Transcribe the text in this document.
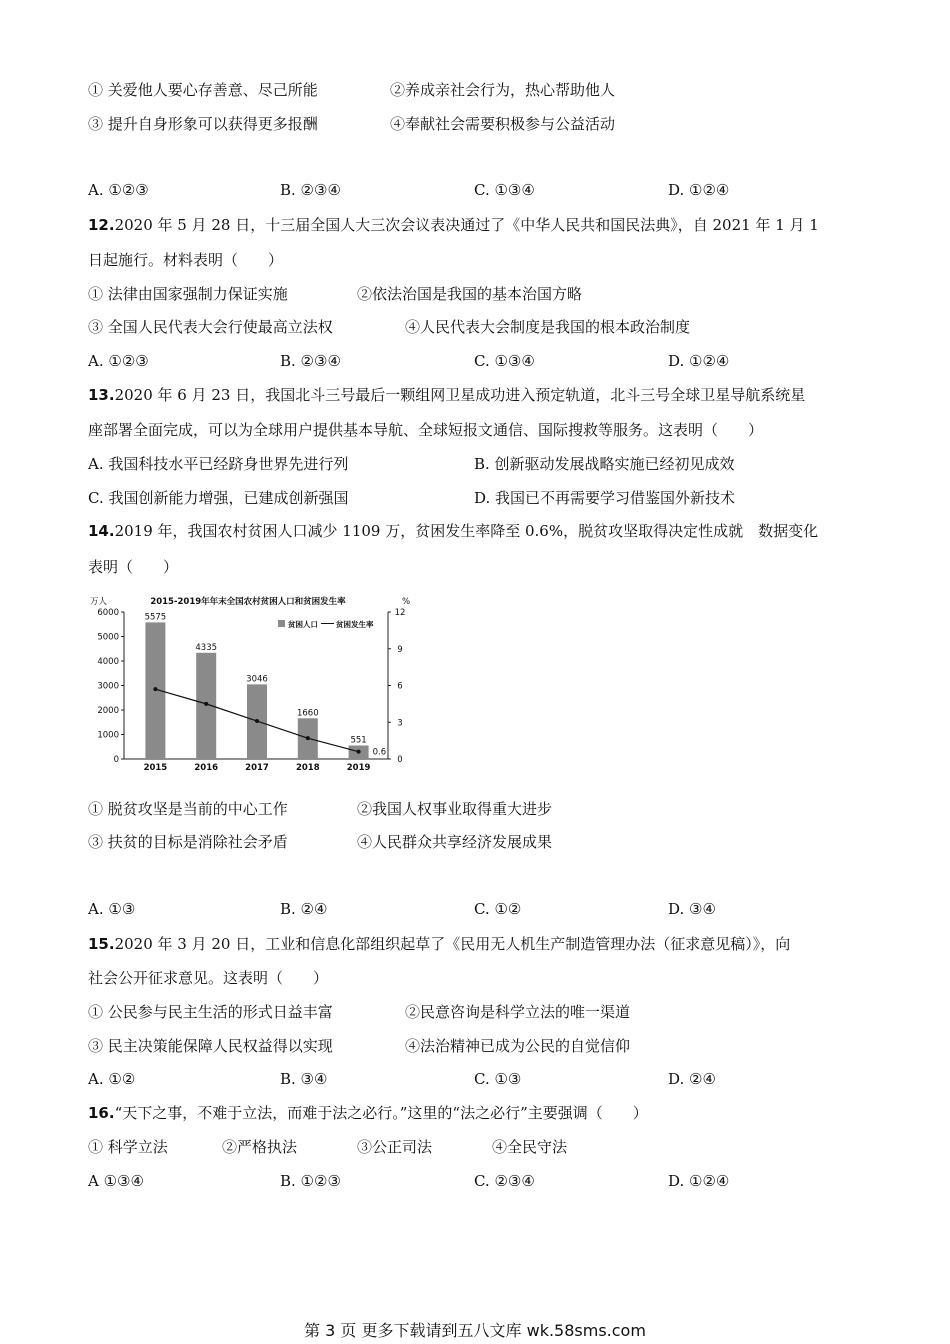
① 关爱他人要心存善意、尽己所能	②养成亲社会行为，热心帮助他人
③ 提升自身形象可以获得更多报酬	④奉献社会需要积极参与公益活动
A. ①②③	B. ②③④	C. ①③④	D. ①②④
12.2020 年 5 月 28 日，十三届全国人大三次会议表决通过了《中华人民共和国民法典》，自 2021 年 1 月 1
日起施行。材料表明（　　）
① 法律由国家强制力保证实施	②依法治国是我国的基本治国方略
③ 全国人民代表大会行使最高立法权	④人民代表大会制度是我国的根本政治制度
A. ①②③	B. ②③④	C. ①③④	D. ①②④
13.2020 年 6 月 23 日，我国北斗三号最后一颗组网卫星成功进入预定轨道，北斗三号全球卫星导航系统星
座部署全面完成，可以为全球用户提供基本导航、全球短报文通信、国际搜救等服务。这表明（　　）
A. 我国科技水平已经跻身世界先进行列	B. 创新驱动发展战略实施已经初见成效
C. 我国创新能力增强，已建成创新强国	D. 我国已不再需要学习借鉴国外新技术
14.2019 年，我国农村贫困人口减少 1109 万，贫困发生率降至 0.6%，脱贫攻坚取得决定性成就　数据变化
表明（　　）
2015-2019年年末全国农村贫困人口和贫困发生率
万人	%
0
1000
2000
3000
4000
5000
6000
0
3
6
9
12
贫困人口 贫困发生率
5575
2015
4335
2016
3046
2017
1660
2018
551
2019
0.6
① 脱贫攻坚是当前的中心工作	②我国人权事业取得重大进步
③ 扶贫的目标是消除社会矛盾	④人民群众共享经济发展成果
A. ①③	B. ②④	C. ①②	D. ③④
15.2020 年 3 月 20 日，工业和信息化部组织起草了《民用无人机生产制造管理办法（征求意见稿）》，向
社会公开征求意见。这表明（　　）
① 公民参与民主生活的形式日益丰富	②民意咨询是科学立法的唯一渠道
③ 民主决策能保障人民权益得以实现	④法治精神已成为公民的自觉信仰
A. ①②	B. ③④	C. ①③	D. ②④
16.“天下之事，不难于立法，而难于法之必行。”这里的“法之必行”主要强调（　　）
① 科学立法	②严格执法	③公正司法	④全民守法
A ①③④	B. ①②③	C. ②③④	D. ①②④
第 3 页 更多下载请到五八文库 wk.58sms.com
